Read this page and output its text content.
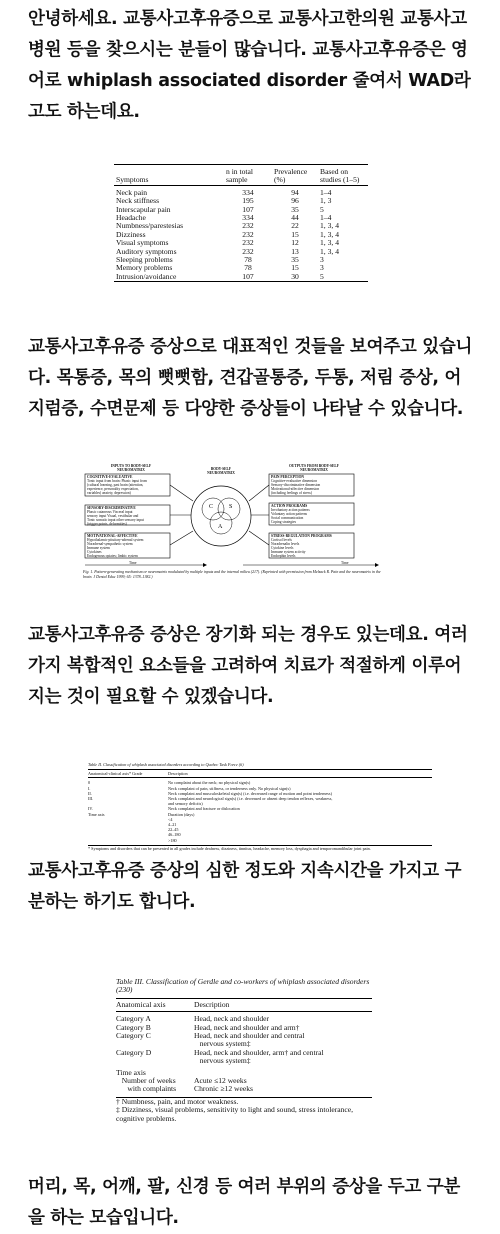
안녕하세요. 교통사고후유증으로 교통사고한의원 교통사고병원 등을 찾으시는 분들이 많습니다. 교통사고후유증은 영어로 whiplash associated disorder 줄여서 WAD라고도 하는데요.

Symptoms	n in total sample	Prevalence (%)	Based on studies (1–5)

Neck pain	334	94	1–4
Neck stiffness	195	96	1, 3
Interscapular pain	107	35	5
Headache	334	44	1–4
Numbness/parestesias	232	22	1, 3, 4
Dizziness	232	15	1, 3, 4
Visual symptoms	232	12	1, 3, 4
Auditory symptoms	232	13	1, 3, 4
Sleeping problems	78	35	3
Memory problems	78	15	3
Intrusion/avoidance	107	30	5

교통사고후유증 증상으로 대표적인 것들을 보여주고 있습니다. 목통증, 목의 뻣뻣함, 견갑골통증, 두통, 저림 증상, 어지럼증, 수면문제 등 다양한 증상들이 나타날 수 있습니다.

C	S
A
INPUTS TO BODY-SELF NEUROMATRIX	BODY-SELF NEUROMATRIX
OUTPUTS FROM BODY-SELF NEUROMATRIX
COGNITIVE-EVALUATIVE
Tonic input from brain: Phasic input from
(cultural learning, past brain (attention,
experience, personality expectation,
variables) anxiety, depression)
SENSORY-DISCRIMINATIVE
Phasic cutaneous Visceral input
sensory input Visual, vestibular and
Tonic somatic input other sensory input
(trigger points, deformities)
MOTIVATIONAL-AFFECTIVE
Hypothalamic-pituitary-adrenal system
Noradrenal-sympathetic system
Immune system
Cytokines
Endogenous opiates; limbic system
PAIN PERCEPTION
Cognitive-evaluative dimension
Sensory-discriminative dimension
Motivational-affective dimension
(including feelings of stress)
ACTION PROGRAMS
Involuntary action patterns
Voluntary action patterns
Social communication
Coping strategies
STRESS-REGULATION PROGRAMS
Cortisol levels
Noradrenalin levels
Cytokine levels
Immune system activity
Endorphin levels
Time	Time
Fig. 1. Pattern-generating mechanism or neuromatrix modulated by multiple inputs and the internal milieu (217). (Reprinted with permission from Melzack R. Pain and the neuromatrix in the brain. J Dental Educ 1999; 65: 1378–1382.)

교통사고후유증 증상은 장기화 되는 경우도 있는데요. 여러가지 복합적인 요소들을 고려하여 치료가 적절하게 이루어지는 것이 필요할 수 있겠습니다.

Table II. Classification of whiplash associated disorders according to Quebec Task Force (6)
Anatomical-clinical axis* Grade	Description
0	No complaint about the neck; no physical sign(s)
I.	Neck complaint of pain, stiffness, or tenderness only. No physical sign(s)
II.	Neck complaint and musculoskeletal sign(s) (i.e. decreased range of motion and point tenderness)
III.	Neck complaint and neurological sign(s) (i.e. decreased or absent deep tendon reflexes, weakness,
and sensory deficits)
IV.	Neck complaint and fracture or dislocation
Time axis	Duration (days)
<4
4–21
22–45
46–180
>180
* Symptoms and disorders that can be presented in all grades include deafness, dizziness, tinnitus, headache, memory loss, dysphagia and temporomandibular joint pain.

교통사고후유증 증상의 심한 정도와 지속시간을 가지고 구분하는 하기도 합니다.

Table III. Classification of Gerdle and co-workers of whiplash associated disorders (230)
Anatomical axis	Description
Category A	Head, neck and shoulder
Category B	Head, neck and shoulder and arm†
Category C	Head, neck and shoulder and central
nervous system‡
Category D	Head, neck and shoulder, arm† and central
nervous system‡
Time axis
Number of weeks	Acute ≤12 weeks
with complaints	Chronic ≥12 weeks
† Numbness, pain, and motor weakness.
‡ Dizziness, visual problems, sensitivity to light and sound, stress intolerance, cognitive problems.

머리, 목, 어깨, 팔, 신경 등 여러 부위의 증상을 두고 구분을 하는 모습입니다.
